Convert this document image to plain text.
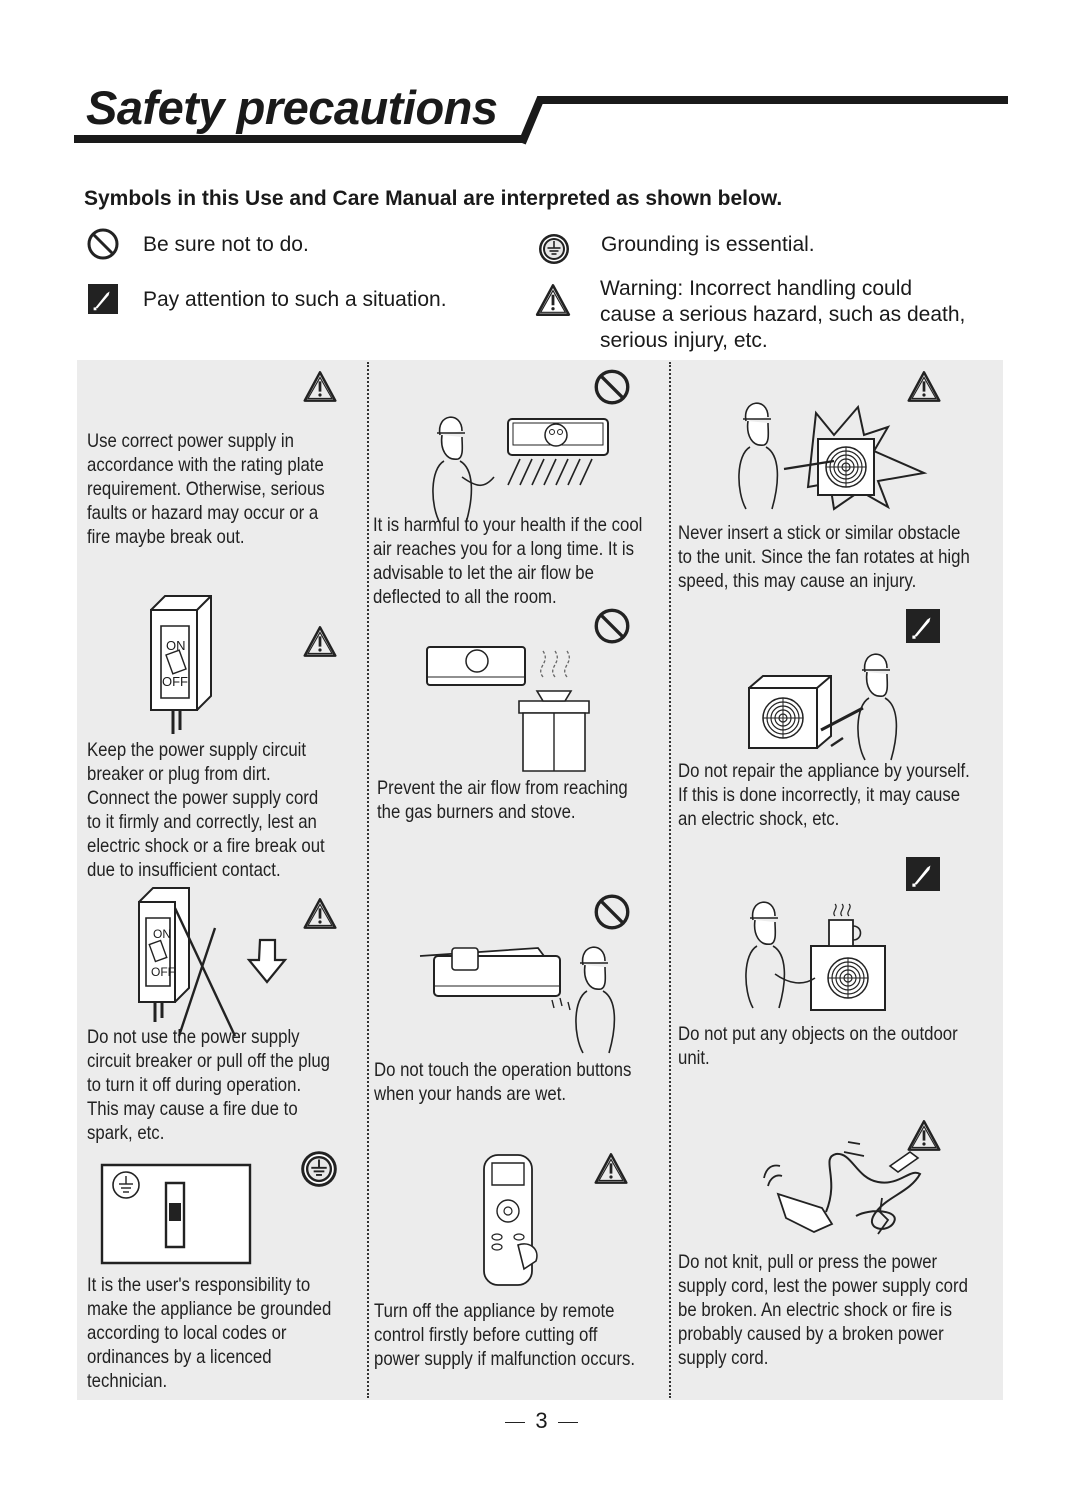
Safety precautions
Symbols in this Use and Care Manual are interpreted as shown below.
Be sure not to do.	Grounding is essential.
Pay attention to such a situation.	Warning: Incorrect handling could
cause a serious hazard, such as death,
serious injury, etc.
Use correct power supply in
accordance with the rating plate
requirement. Otherwise, serious
faults or hazard may occur or a
fire maybe break out.
ON
OFF
Keep the power supply circuit
breaker or plug from dirt.
Connect the power supply cord
to it firmly and correctly, lest an
electric shock or a fire break out
due to insufficient contact.
ON
OFF
Do not use the power supply
circuit breaker or pull off the plug
to turn it off during operation.
This may cause a fire due to
spark, etc.
It is the user's responsibility to
make the appliance be grounded
according to local codes or
ordinances by a licenced
technician.
It is harmful to your health if the cool
air reaches you for a long time. It is
advisable to let the air flow be
deflected to all the room.
Prevent the air flow from reaching
the gas burners and stove.
Do not touch the operation buttons
when your hands are wet.
Turn off the appliance by remote
control firstly before cutting off
power supply if malfunction occurs.
Never insert a stick or similar obstacle
to the unit. Since the fan rotates at high
speed, this may cause an injury.
Do not repair the appliance by yourself.
If this is done incorrectly, it may cause
an electric shock, etc.
Do not put any objects on the outdoor
unit.
Do not knit, pull or press the power
supply cord, lest the power supply cord
be broken. An electric shock or fire is
probably caused by a broken power
supply cord.
3
